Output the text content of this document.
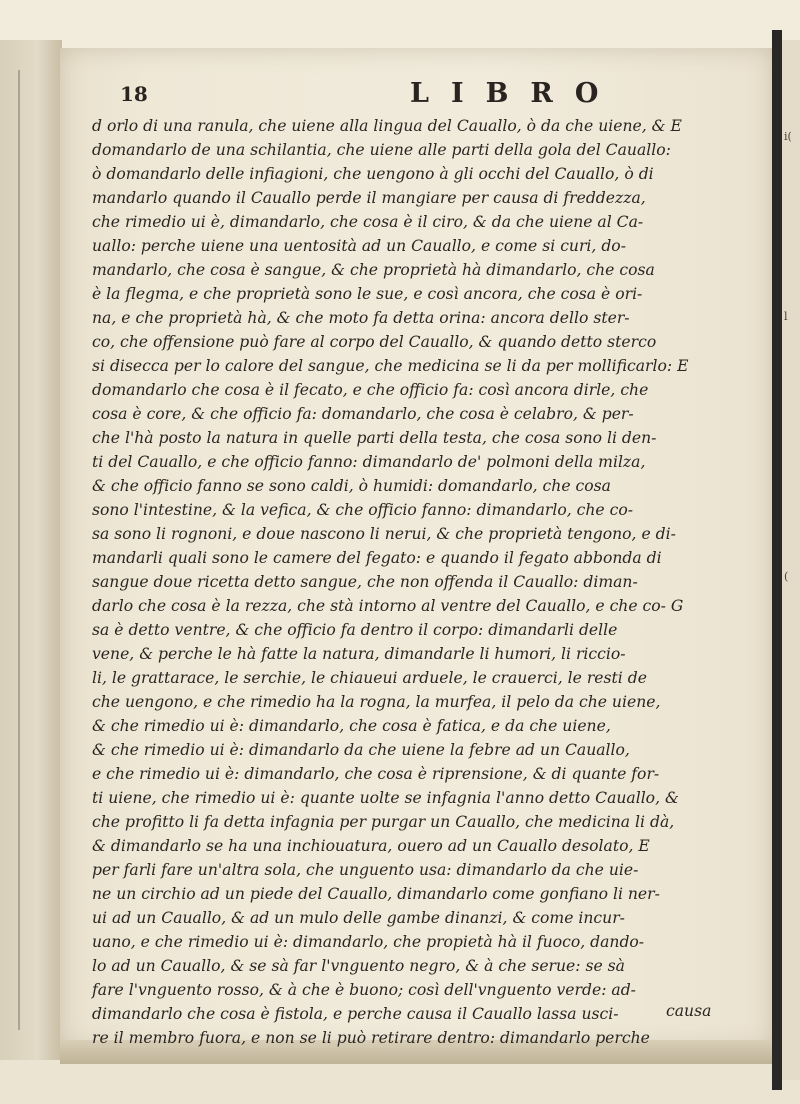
i(
l
(
18	LIBRO
d orlo di una ranula, che uiene alla lingua del Cauallo, ò da che uiene, & E
domandarlo de una schilantia, che uiene alle parti della gola del Cauallo:
ò domandarlo delle infiagioni, che uengono à gli occhi del Cauallo, ò di
mandarlo quando il Cauallo perde il mangiare per causa di freddezza,
che rimedio ui è, dimandarlo, che cosa è il ciro, & da che uiene al Ca-
uallo: perche uiene una uentosità ad un Cauallo, e come si curi, do-
mandarlo, che cosa è sangue, & che proprietà hà dimandarlo, che cosa
è la flegma, e che proprietà sono le sue, e così ancora, che cosa è ori-
na, e che proprietà hà, & che moto fa detta orina: ancora dello ster-
co, che offensione può fare al corpo del Cauallo, & quando detto sterco
si disecca per lo calore del sangue, che medicina se li da per mollificarlo: E
domandarlo che cosa è il fecato, e che officio fa: così ancora dirle, che
cosa è core, & che officio fa: domandarlo, che cosa è celabro, & per-
che l'hà posto la natura in quelle parti della testa, che cosa sono li den-
ti del Cauallo, e che officio fanno: dimandarlo de' polmoni della milza,
& che officio fanno se sono caldi, ò humidi: domandarlo, che cosa
sono l'intestine, & la vefica, & che officio fanno: dimandarlo, che co-
sa sono li rognoni, e doue nascono li nerui, & che proprietà tengono, e di-
mandarli quali sono le camere del fegato: e quando il fegato abbonda di
sangue doue ricetta detto sangue, che non offenda il Cauallo: diman-
darlo che cosa è la rezza, che stà intorno al ventre del Cauallo, e che co- G
sa è detto ventre, & che officio fa dentro il corpo: dimandarli delle
vene, & perche le hà fatte la natura, dimandarle li humori, li riccio-
li, le grattarace, le serchie, le chiaueui arduele, le crauerci, le resti de
che uengono, e che rimedio ha la rogna, la murfea, il pelo da che uiene,
& che rimedio ui è: dimandarlo, che cosa è fatica, e da che uiene,
& che rimedio ui è: dimandarlo da che uiene la febre ad un Cauallo,
e che rimedio ui è: dimandarlo, che cosa è riprensione, & di quante for-
ti uiene, che rimedio ui è: quante uolte se infagnia l'anno detto Cauallo, &
che profitto li fa detta infagnia per purgar un Cauallo, che medicina li dà,
& dimandarlo se ha una inchiouatura, ouero ad un Cauallo desolato, E
per farli fare un'altra sola, che unguento usa: dimandarlo da che uie-
ne un circhio ad un piede del Cauallo, dimandarlo come gonfiano li ner-
ui ad un Cauallo, & ad un mulo delle gambe dinanzi, & come incur-
uano, e che rimedio ui è: dimandarlo, che propietà hà il fuoco, dando-
lo ad un Cauallo, & se sà far l'vnguento negro, & à che serue: se sà
fare l'vnguento rosso, & à che è buono; così dell'vnguento verde: ad-
dimandarlo che cosa è fistola, e perche causa il Cauallo lassa usci-
re il membro fuora, e non se li può retirare dentro: dimandarlo perche
causa
